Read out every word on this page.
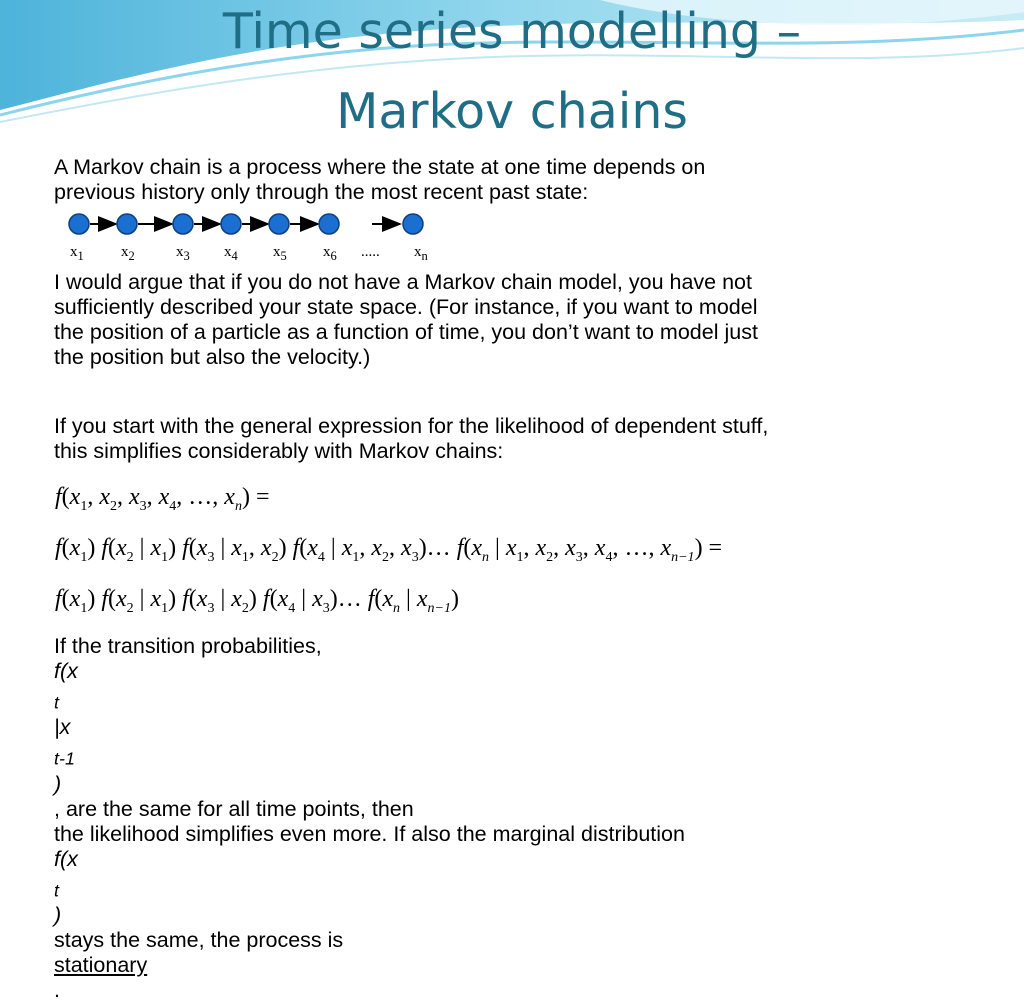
Time series modelling –
Markov chains
A Markov chain is a process where the state at one time depends on
previous history only through the most recent past state:
$x_1$ $x_2$	$x_3$ $x_4$ $x_5$ $x_6$ ..... $x_n$
I would argue that if you do not have a Markov chain model, you have not
sufficiently described your state space. (For instance, if you want to model
the position of a particle as a function of time, you don’t want to model just
the position but also the velocity.)
If you start with the general expression for the likelihood of dependent stuff,
this simplifies considerably with Markov chains:
$f(x_1$, $x_2$, $x_3$, $x_4$, …, $x_n$) =
$f(x_1)$ $f(x_2$ | $x_1$) $f(x_3$ | $x_1$, $x_2$) $f(x_4$ | $x_1$, $x_2$, $x_3)\dots$ $f(x_n$ | $x_1$, $x_2$, $x_3$, $x_4$, …, $x_{n-1}$) =
$f(x_1)$ $f(x_2$ | $x_1$) $f(x_3$ | $x_2$) $f(x_4$ | $x_3)\dots$ $f(x_n$ | $x_{n-1}$)
If the transition probabilities,
f(x
$_t$
|x
$_{t-1}$
)
, are the same for all time points, then
the likelihood simplifies even more. If also the marginal distribution
f(x
$_t$
)
stays the same, the process is
stationary
.
